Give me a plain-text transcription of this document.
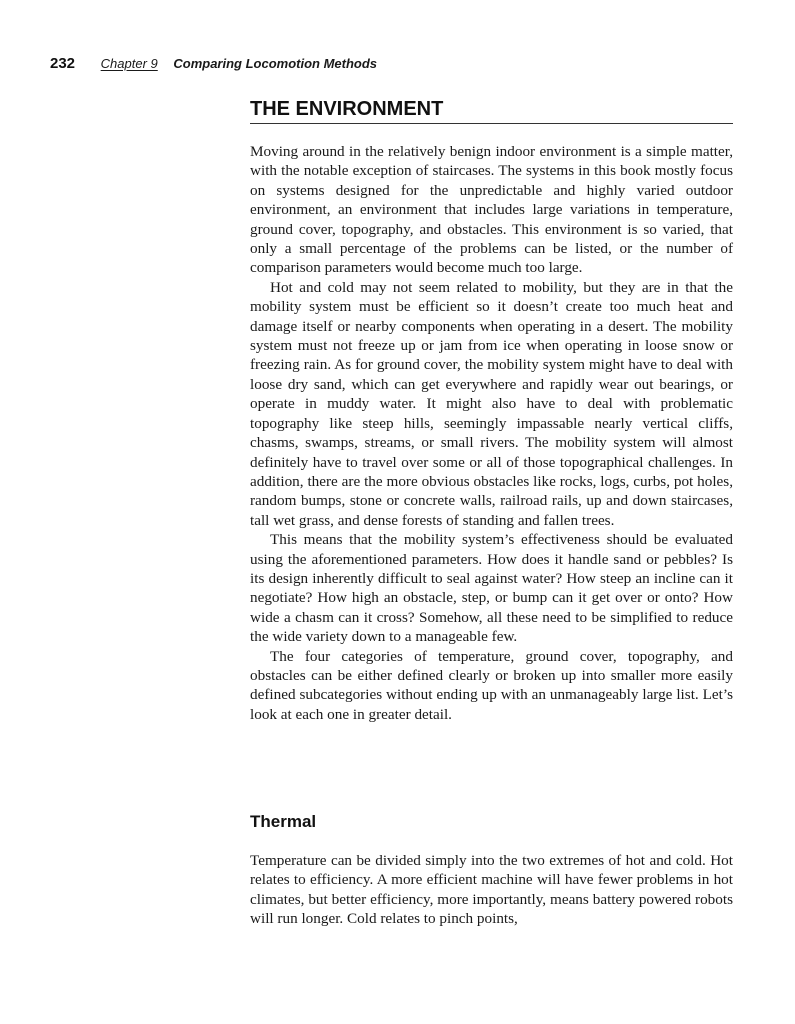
232 Chapter 9 Comparing Locomotion Methods
THE ENVIRONMENT

Moving around in the relatively benign indoor environment is a simple matter, with the notable exception of staircases. The systems in this book mostly focus on systems designed for the unpredictable and highly varied outdoor environment, an environment that includes large variations in temperature, ground cover, topography, and obstacles. This environment is so varied, that only a small percentage of the problems can be listed, or the number of comparison parameters would become much too large.

Hot and cold may not seem related to mobility, but they are in that the mobility system must be efficient so it doesn’t create too much heat and damage itself or nearby components when operating in a desert. The mobility system must not freeze up or jam from ice when operating in loose snow or freezing rain. As for ground cover, the mobility system might have to deal with loose dry sand, which can get everywhere and rapidly wear out bearings, or operate in muddy water. It might also have to deal with problematic topography like steep hills, seemingly impassable nearly vertical cliffs, chasms, swamps, streams, or small rivers. The mobility system will almost definitely have to travel over some or all of those topographical challenges. In addition, there are the more obvious obstacles like rocks, logs, curbs, pot holes, random bumps, stone or concrete walls, railroad rails, up and down staircases, tall wet grass, and dense forests of standing and fallen trees.

This means that the mobility system’s effectiveness should be evaluated using the aforementioned parameters. How does it handle sand or pebbles? Is its design inherently difficult to seal against water? How steep an incline can it negotiate? How high an obstacle, step, or bump can it get over or onto? How wide a chasm can it cross? Somehow, all these need to be simplified to reduce the wide variety down to a manageable few.

The four categories of temperature, ground cover, topography, and obstacles can be either defined clearly or broken up into smaller more easily defined subcategories without ending up with an unmanageably large list. Let’s look at each one in greater detail.

Thermal

Temperature can be divided simply into the two extremes of hot and cold. Hot relates to efficiency. A more efficient machine will have fewer problems in hot climates, but better efficiency, more importantly, means battery powered robots will run longer. Cold relates to pinch points,
